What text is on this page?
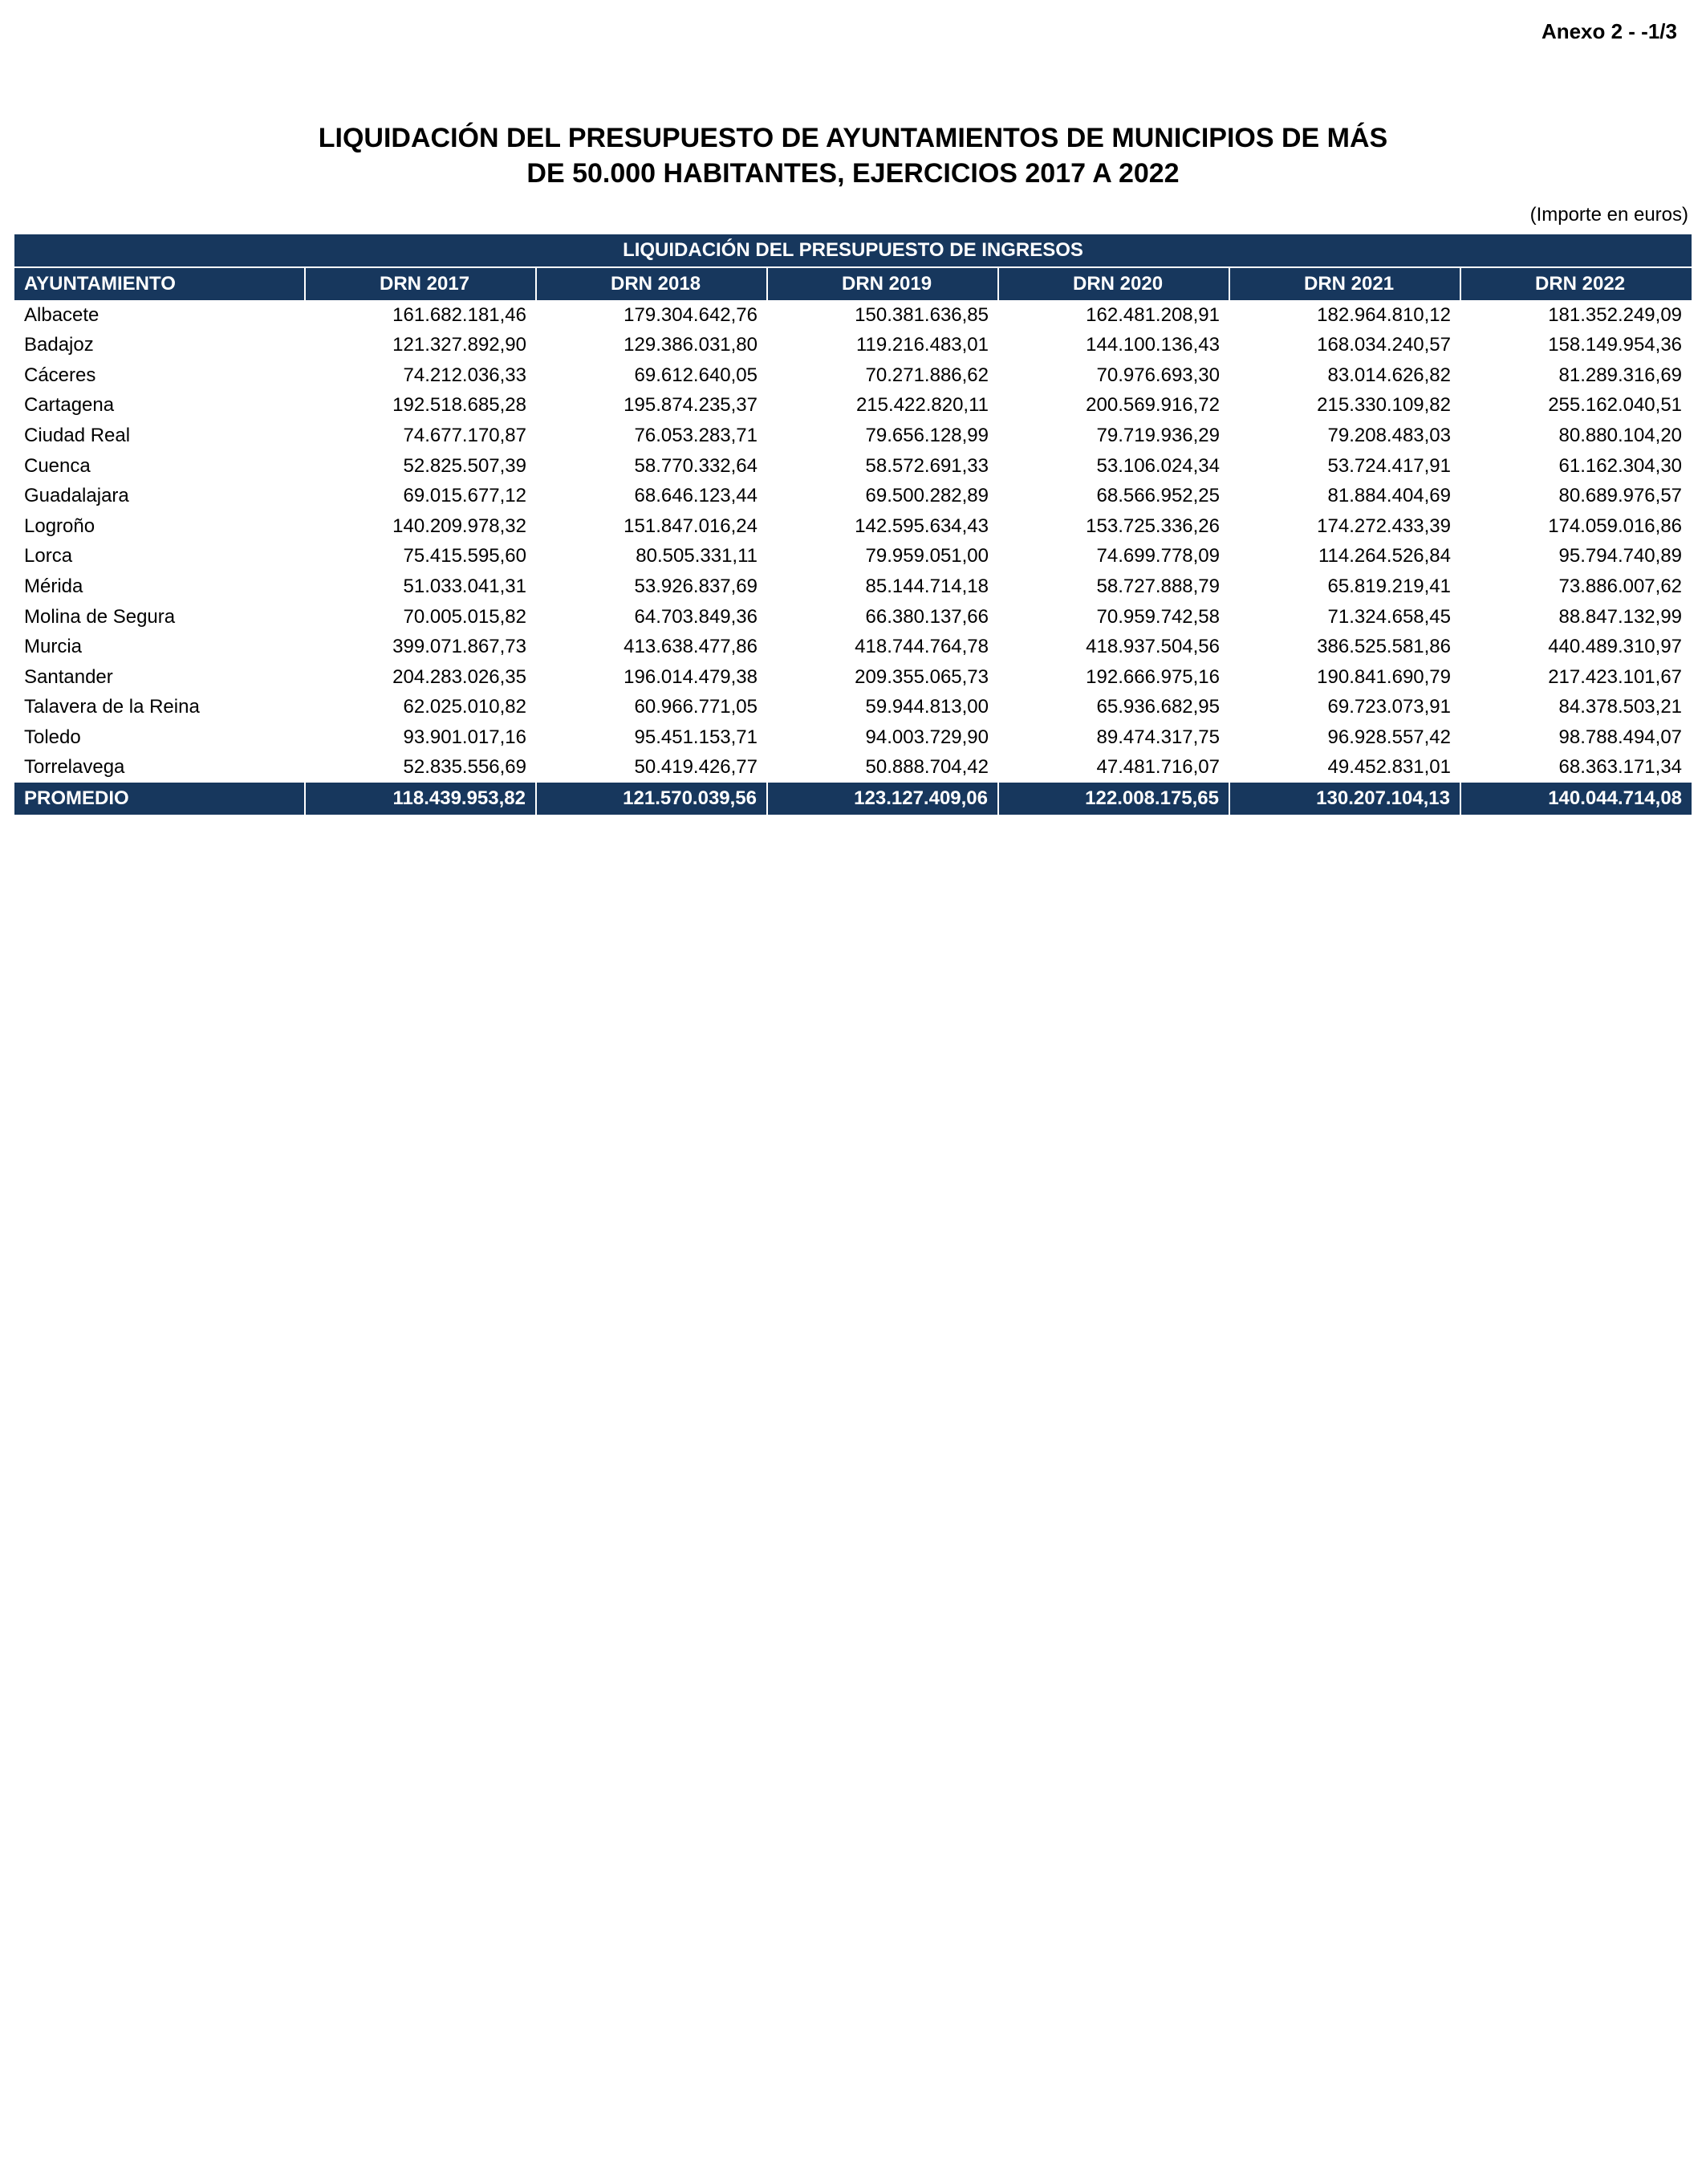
Anexo 2 - -1/3
LIQUIDACIÓN DEL PRESUPUESTO DE AYUNTAMIENTOS DE MUNICIPIOS DE MÁS
DE 50.000 HABITANTES, EJERCICIOS 2017 A 2022
(Importe en euros)
LIQUIDACIÓN DEL PRESUPUESTO DE INGRESOS						
AYUNTAMIENTO	DRN 2017	DRN 2018	DRN 2019	DRN 2020	DRN 2021	DRN 2022
Albacete	161.682.181,46	179.304.642,76	150.381.636,85	162.481.208,91	182.964.810,12	181.352.249,09
Badajoz	121.327.892,90	129.386.031,80	119.216.483,01	144.100.136,43	168.034.240,57	158.149.954,36
Cáceres	74.212.036,33	69.612.640,05	70.271.886,62	70.976.693,30	83.014.626,82	81.289.316,69
Cartagena	192.518.685,28	195.874.235,37	215.422.820,11	200.569.916,72	215.330.109,82	255.162.040,51
Ciudad Real	74.677.170,87	76.053.283,71	79.656.128,99	79.719.936,29	79.208.483,03	80.880.104,20
Cuenca	52.825.507,39	58.770.332,64	58.572.691,33	53.106.024,34	53.724.417,91	61.162.304,30
Guadalajara	69.015.677,12	68.646.123,44	69.500.282,89	68.566.952,25	81.884.404,69	80.689.976,57
Logroño	140.209.978,32	151.847.016,24	142.595.634,43	153.725.336,26	174.272.433,39	174.059.016,86
Lorca	75.415.595,60	80.505.331,11	79.959.051,00	74.699.778,09	114.264.526,84	95.794.740,89
Mérida	51.033.041,31	53.926.837,69	85.144.714,18	58.727.888,79	65.819.219,41	73.886.007,62
Molina de Segura	70.005.015,82	64.703.849,36	66.380.137,66	70.959.742,58	71.324.658,45	88.847.132,99
Murcia	399.071.867,73	413.638.477,86	418.744.764,78	418.937.504,56	386.525.581,86	440.489.310,97
Santander	204.283.026,35	196.014.479,38	209.355.065,73	192.666.975,16	190.841.690,79	217.423.101,67
Talavera de la Reina	62.025.010,82	60.966.771,05	59.944.813,00	65.936.682,95	69.723.073,91	84.378.503,21
Toledo	93.901.017,16	95.451.153,71	94.003.729,90	89.474.317,75	96.928.557,42	98.788.494,07
Torrelavega	52.835.556,69	50.419.426,77	50.888.704,42	47.481.716,07	49.452.831,01	68.363.171,34
PROMEDIO	118.439.953,82	121.570.039,56	123.127.409,06	122.008.175,65	130.207.104,13	140.044.714,08
